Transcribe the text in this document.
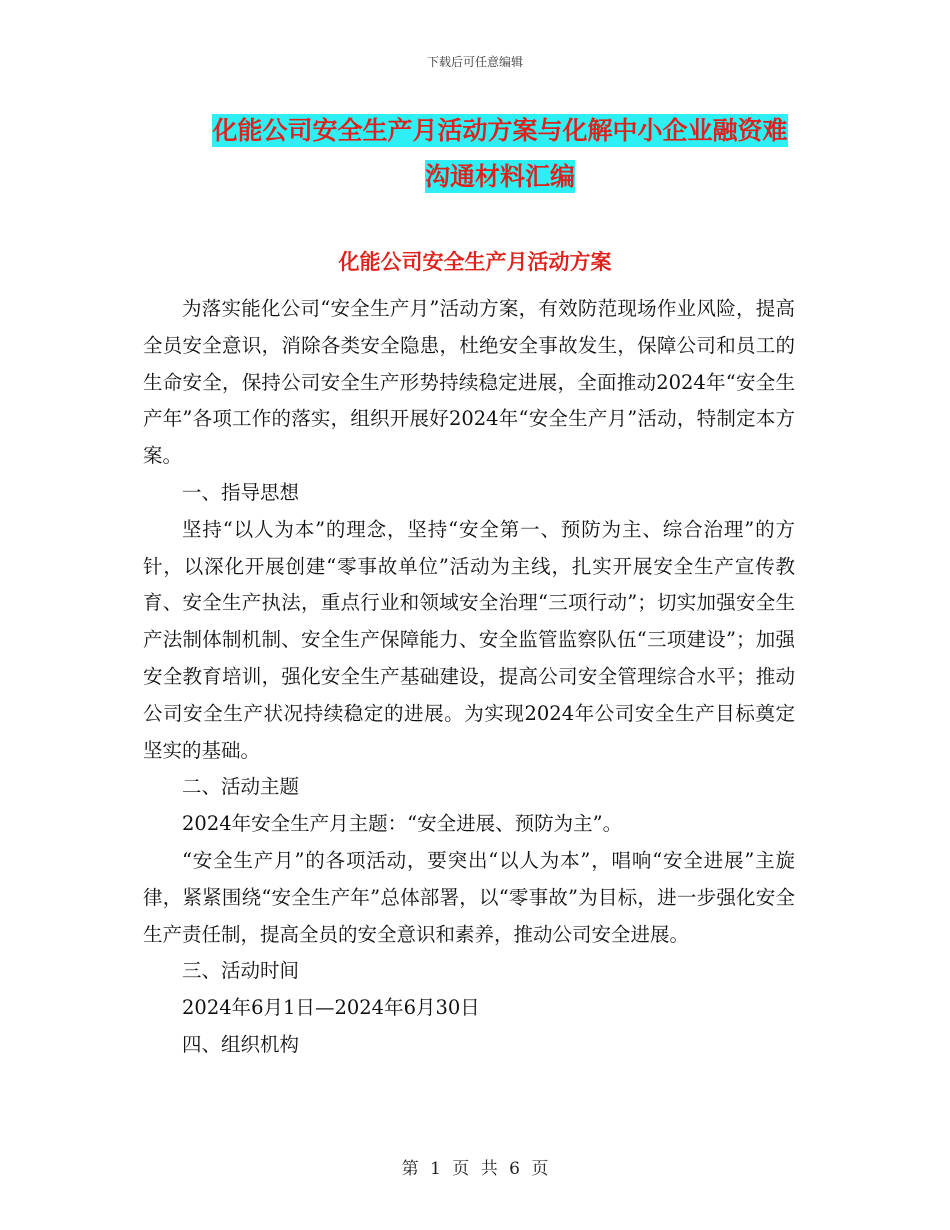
下载后可任意编辑
化能公司安全生产月活动方案与化解中小企业融资难
沟通材料汇编
化能公司安全生产月活动方案

为落实能化公司“安全生产月”活动方案，有效防范现场作业风险，提高全员安全意识，消除各类安全隐患，杜绝安全事故发生，保障公司和员工的生命安全，保持公司安全生产形势持续稳定进展，全面推动2024年“安全生产年”各项工作的落实，组织开展好2024年“安全生产月”活动，特制定本方案。

一、指导思想

坚持“以人为本”的理念，坚持“安全第一、预防为主、综合治理”的方针，以深化开展创建“零事故单位”活动为主线，扎实开展安全生产宣传教育、安全生产执法，重点行业和领域安全治理“三项行动”；切实加强安全生产法制体制机制、安全生产保障能力、安全监管监察队伍“三项建设”；加强安全教育培训，强化安全生产基础建设，提高公司安全管理综合水平；推动公司安全生产状况持续稳定的进展。为实现2024年公司安全生产目标奠定坚实的基础。

二、活动主题

2024年安全生产月主题：“安全进展、预防为主”。

“安全生产月”的各项活动，要突出“以人为本”，唱响“安全进展”主旋律，紧紧围绕“安全生产年”总体部署，以“零事故”为目标，进一步强化安全生产责任制，提高全员的安全意识和素养，推动公司安全进展。

三、活动时间

2024年6月1日—2024年6月30日

四、组织机构

第 1 页 共 6 页
